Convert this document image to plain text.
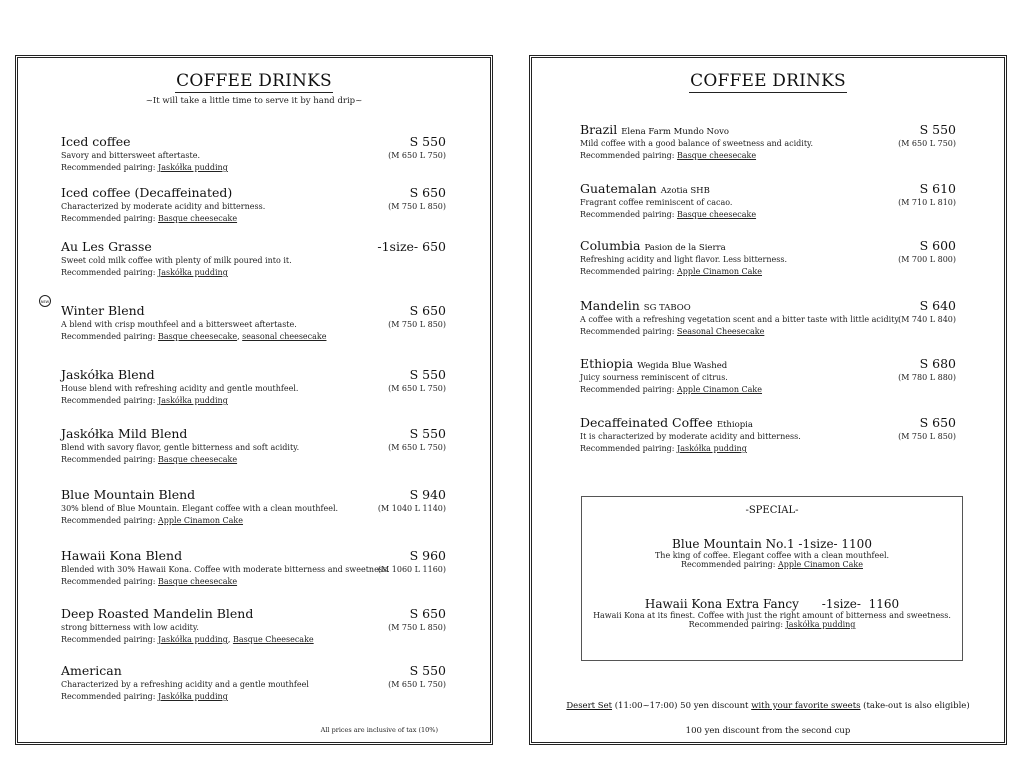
COFFEE DRINKS
~It will take a little time to serve it by hand drip~
NEW
Iced coffee	S 550
Savory and bittersweet aftertaste.	(M 650 L 750)
Recommended pairing: Jaskółka pudding
Iced coffee (Decaffeinated)	S 650
Characterized by moderate acidity and bitterness.	(M 750 L 850)
Recommended pairing: Basque cheesecake
Au Les Grasse	-1size- 650
Sweet cold milk coffee with plenty of milk poured into it.
Recommended pairing: Jaskółka pudding
Winter Blend	S 650
A blend with crisp mouthfeel and a bittersweet aftertaste.	(M 750 L 850)
Recommended pairing: Basque cheesecake, seasonal cheesecake
Jaskółka Blend	S 550
House blend with refreshing acidity and gentle mouthfeel.	(M 650 L 750)
Recommended pairing: Jaskółka pudding
Jaskółka Mild Blend	S 550
Blend with savory flavor, gentle bitterness and soft acidity.	(M 650 L 750)
Recommended pairing: Basque cheesecake
Blue Mountain Blend	S 940
30% blend of Blue Mountain. Elegant coffee with a clean mouthfeel.	(M 1040 L 1140)
Recommended pairing: Apple Cinamon Cake
Hawaii Kona Blend	S 960
Blended with 30% Hawaii Kona. Coffee with moderate bitterness and sweetness.
(M 1060 L 1160)
Recommended pairing: Basque cheesecake
Deep Roasted Mandelin Blend	S 650
strong bitterness with low acidity.	(M 750 L 850)
Recommended pairing: Jaskółka pudding, Basque Cheesecake
American	S 550
Characterized by a refreshing acidity and a gentle mouthfeel	(M 650 L 750)
Recommended pairing: Jaskółka pudding
All prices are inclusive of tax (10%)
COFFEE DRINKS
Brazil Elena Farm Mundo Novo	S 550
Mild coffee with a good balance of sweetness and acidity.	(M 650 L 750)
Recommended pairing: Basque cheesecake
Guatemalan Azotia SHB	S 610
Fragrant coffee reminiscent of cacao.	(M 710 L 810)
Recommended pairing: Basque cheesecake
Columbia Pasion de la Sierra	S 600
Refreshing acidity and light flavor. Less bitterness.	(M 700 L 800)
Recommended pairing: Apple Cinamon Cake
Mandelin SG TABOO	S 640
A coffee with a refreshing vegetation scent and a bitter taste with little acidity.
(M 740 L 840)
Recommended pairing: Seasonal Cheesecake
Ethiopia Wegida Blue Washed	S 680
Juicy sourness reminiscent of citrus.	(M 780 L 880)
Recommended pairing: Apple Cinamon Cake
Decaffeinated Coffee Ethiopia	S 650
It is characterized by moderate acidity and bitterness.	(M 750 L 850)
Recommended pairing: Jaskółka pudding
-SPECIAL-
Blue Mountain No.1 -1size- 1100
The king of coffee. Elegant coffee with a clean mouthfeel.
Recommended pairing: Apple Cinamon Cake
Hawaii Kona Extra Fancy      -1size-  1160
Hawaii Kona at its finest. Coffee with just the right amount of bitterness and sweetness.
Recommended pairing: Jaskółka pudding
Desert Set (11:00~17:00) 50 yen discount with your favorite sweets (take-out is also eligible)
100 yen discount from the second cup
